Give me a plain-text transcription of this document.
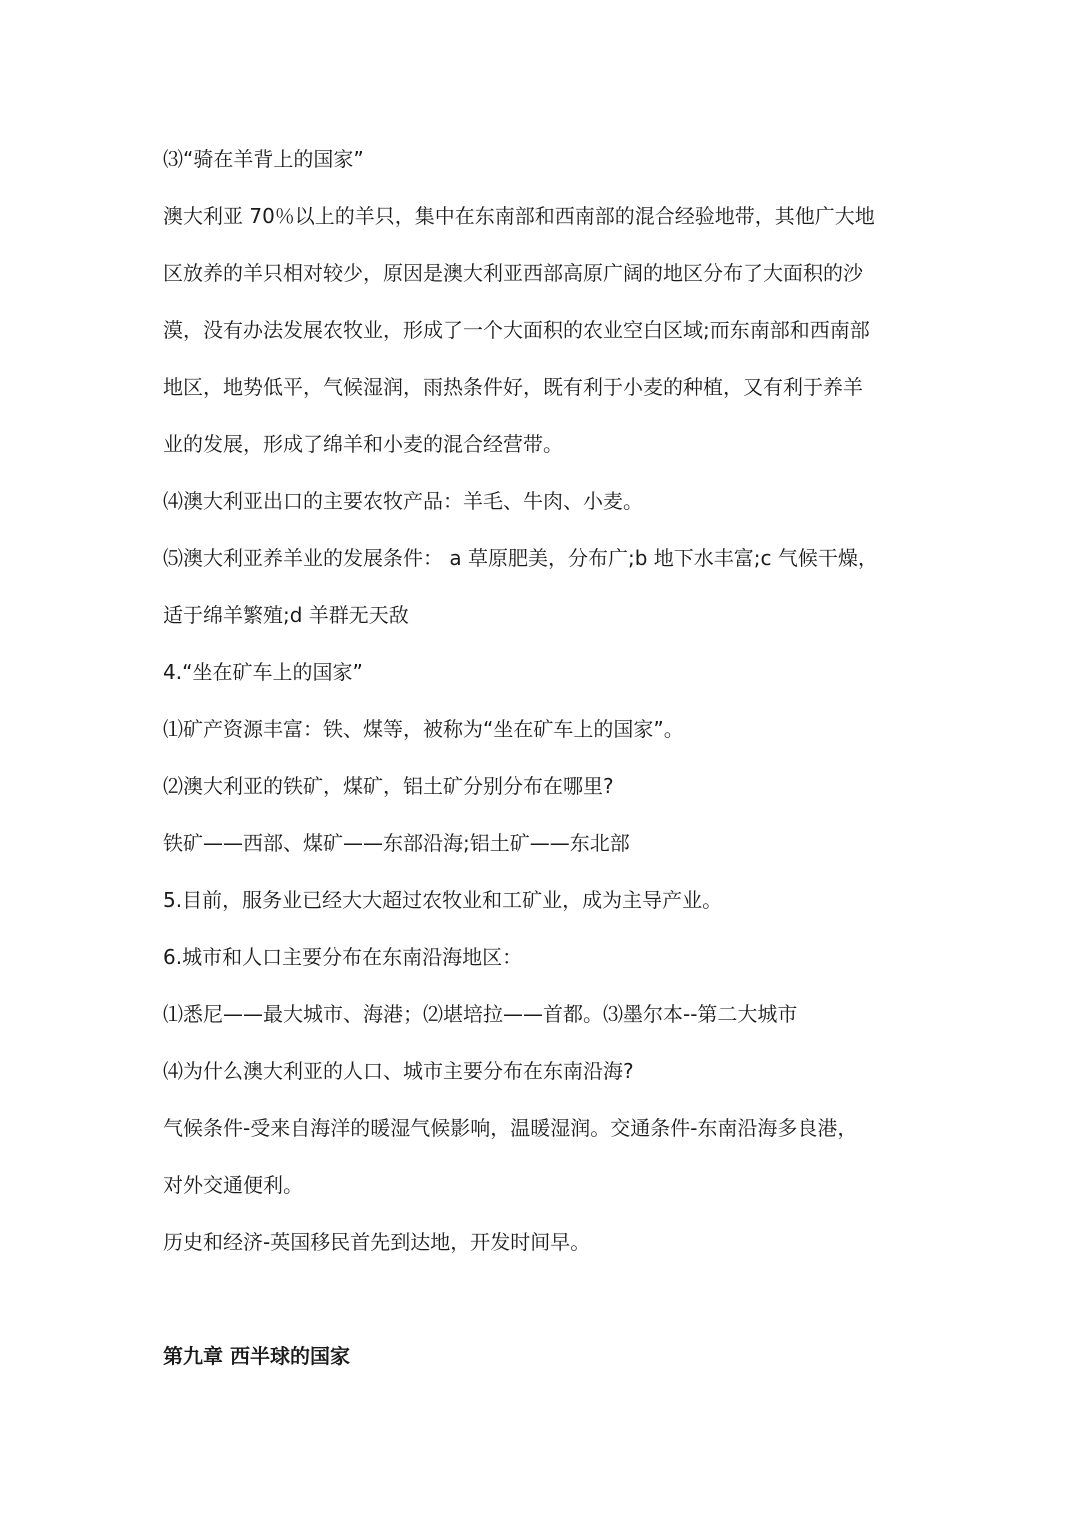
⑶“骑在羊背上的国家”
澳大利亚 70％以上的羊只，集中在东南部和西南部的混合经验地带，其他广大地
区放养的羊只相对较少，原因是澳大利亚西部高原广阔的地区分布了大面积的沙
漠，没有办法发展农牧业，形成了一个大面积的农业空白区域;而东南部和西南部
地区，地势低平，气候湿润，雨热条件好，既有利于小麦的种植，又有利于养羊
业的发展，形成了绵羊和小麦的混合经营带。
⑷澳大利亚出口的主要农牧产品：羊毛、牛肉、小麦。
⑸澳大利亚养羊业的发展条件： a 草原肥美，分布广;b 地下水丰富;c 气候干燥，
适于绵羊繁殖;d 羊群无天敌
4.“坐在矿车上的国家”
⑴矿产资源丰富：铁、煤等，被称为“坐在矿车上的国家”。
⑵澳大利亚的铁矿，煤矿，铝土矿分别分布在哪里?
铁矿——西部、煤矿——东部沿海;铝土矿——东北部
5.目前，服务业已经大大超过农牧业和工矿业，成为主导产业。
6.城市和人口主要分布在东南沿海地区：
⑴悉尼——最大城市、海港；⑵堪培拉——首都。⑶墨尔本--第二大城市
⑷为什么澳大利亚的人口、城市主要分布在东南沿海?
气候条件-受来自海洋的暖湿气候影响，温暖湿润。交通条件-东南沿海多良港，
对外交通便利。
历史和经济-英国移民首先到达地，开发时间早。
第九章 西半球的国家
